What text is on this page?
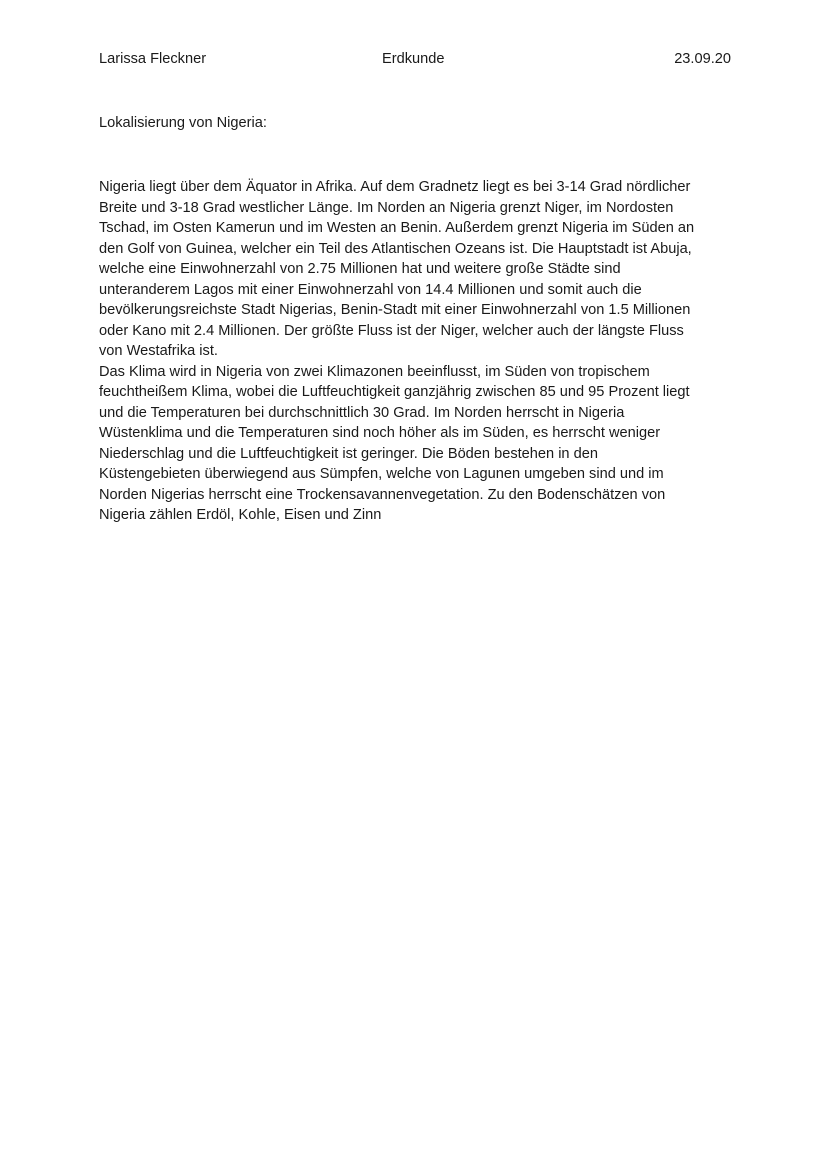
Larissa Fleckner	Erdkunde	23.09.20
Lokalisierung von Nigeria:
Nigeria liegt über dem Äquator in Afrika. Auf dem Gradnetz liegt es bei 3-14 Grad nördlicher
Breite und 3-18 Grad westlicher Länge. Im Norden an Nigeria grenzt Niger, im Nordosten
Tschad, im Osten Kamerun und im Westen an Benin. Außerdem grenzt Nigeria im Süden an
den Golf von Guinea, welcher ein Teil des Atlantischen Ozeans ist. Die Hauptstadt ist Abuja,
welche eine Einwohnerzahl von 2.75 Millionen hat und weitere große Städte sind
unteranderem Lagos mit einer Einwohnerzahl von 14.4 Millionen und somit auch die
bevölkerungsreichste Stadt Nigerias, Benin-Stadt mit einer Einwohnerzahl von 1.5 Millionen
oder Kano mit 2.4 Millionen. Der größte Fluss ist der Niger, welcher auch der längste Fluss
von Westafrika ist.
Das Klima wird in Nigeria von zwei Klimazonen beeinflusst, im Süden von tropischem
feuchtheißem Klima, wobei die Luftfeuchtigkeit ganzjährig zwischen 85 und 95 Prozent liegt
und die Temperaturen bei durchschnittlich 30 Grad. Im Norden herrscht in Nigeria
Wüstenklima und die Temperaturen sind noch höher als im Süden, es herrscht weniger
Niederschlag und die Luftfeuchtigkeit ist geringer. Die Böden bestehen in den
Küstengebieten überwiegend aus Sümpfen, welche von Lagunen umgeben sind und im
Norden Nigerias herrscht eine Trockensavannenvegetation. Zu den Bodenschätzen von
Nigeria zählen Erdöl, Kohle, Eisen und Zinn
